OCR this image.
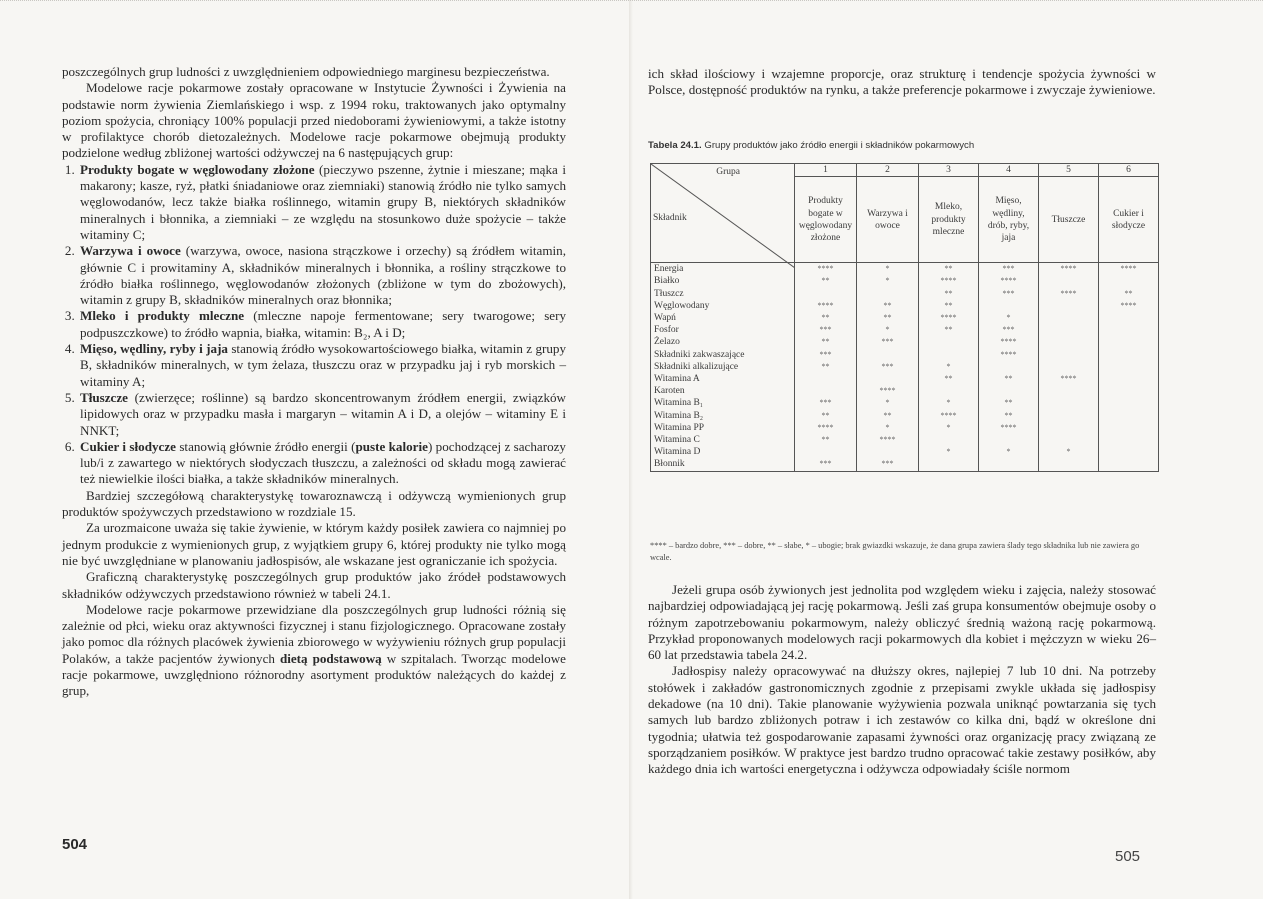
poszczególnych grup ludności z uwzględnieniem odpowiedniego marginesu bezpieczeństwa.

Modelowe racje pokarmowe zostały opracowane w Instytucie Żywności i Żywienia na podstawie norm żywienia Ziemlańskiego i wsp. z 1994 roku, traktowanych jako optymalny poziom spożycia, chroniący 100% populacji przed niedoborami żywieniowymi, a także istotny w profilaktyce chorób dietozależnych. Modelowe racje pokarmowe obejmują produkty podzielone według zbliżonej wartości odżywczej na 6 następujących grup:

1. Produkty bogate w węglowodany złożone (pieczywo pszenne, żytnie i mieszane; mąka i makarony; kasze, ryż, płatki śniadaniowe oraz ziemniaki) stanowią źródło nie tylko samych węglowodanów, lecz także białka roślinnego, witamin grupy B, niektórych składników mineralnych i błonnika, a ziemniaki – ze względu na stosunkowo duże spożycie – także witaminy C;
2. Warzywa i owoce (warzywa, owoce, nasiona strączkowe i orzechy) są źródłem witamin, głównie C i prowitaminy A, składników mineralnych i błonnika, a rośliny strączkowe to źródło białka roślinnego, węglowodanów złożonych (zbliżone w tym do zbożowych), witamin z grupy B, składników mineralnych oraz błonnika;
3. Mleko i produkty mleczne (mleczne napoje fermentowane; sery twarogowe; sery podpuszczkowe) to źródło wapnia, białka, witamin: B₂, A i D;
4. Mięso, wędliny, ryby i jaja stanowią źródło wysokowartościowego białka, witamin z grupy B, składników mineralnych, w tym żelaza, tłuszczu oraz w przypadku jaj i ryb morskich – witaminy A;
5. Tłuszcze (zwierzęce; roślinne) są bardzo skoncentrowanym źródłem energii, związków lipidowych oraz w przypadku masła i margaryn – witamin A i D, a olejów – witaminy E i NNKT;
6. Cukier i słodycze stanowią głównie źródło energii (puste kalorie) pochodzącej z sacharozy lub/i z zawartego w niektórych słodyczach tłuszczu, a zależności od składu mogą zawierać też niewielkie ilości białka, a także składników mineralnych.

Bardziej szczegółową charakterystykę towaroznawczą i odżywczą wymienionych grup produktów spożywczych przedstawiono w rozdziale 15.

Za urozmaicone uważa się takie żywienie, w którym każdy posiłek zawiera co najmniej po jednym produkcie z wymienionych grup, z wyjątkiem grupy 6, której produkty nie tylko mogą nie być uwzględniane w planowaniu jadłospisów, ale wskazane jest ograniczanie ich spożycia.

Graficzną charakterystykę poszczególnych grup produktów jako źródeł podstawowych składników odżywczych przedstawiono również w tabeli 24.1.

Modelowe racje pokarmowe przewidziane dla poszczególnych grup ludności różnią się zależnie od płci, wieku oraz aktywności fizycznej i stanu fizjologicznego. Opracowane zostały jako pomoc dla różnych placówek żywienia zbiorowego w wyżywieniu różnych grup populacji Polaków, a także pacjentów żywionych dietą podstawową w szpitalach. Tworząc modelowe racje pokarmowe, uwzględniono różnorodny asortyment produktów należących do każdej z grup,

504

ich skład ilościowy i wzajemne proporcje, oraz strukturę i tendencje spożycia żywności w Polsce, dostępność produktów na rynku, a także preferencje pokarmowe i zwyczaje żywieniowe.

Tabela 24.1. Grupy produktów jako źródło energii i składników pokarmowych
Grupa
Składnik	1	2	3	4	5	6
	Produkty bogate w węglowodany złożone	Warzywa i owoce	Mleko, produkty mleczne	Mięso, wędliny, drób, ryby, jaja	Tłuszcze	Cukier i słodycze
Energia	****	*	**	***	****	****
Białko	**	*	****	****		
Tłuszcz			**	***	****	**
Węglowodany	****	**	**			****
Wapń	**	**	****	*		
Fosfor	***	*	**	***		
Żelazo	**	***		****		
Składniki zakwaszające	***			****		
Składniki alkalizujące	**	***	*			
Witamina A			**	**	****	
Karoten		****				
Witamina B₁	***	*	*	**		
Witamina B₂	**	**	****	**		
Witamina PP	****	*	*	****		
Witamina C	**	****				
Witamina D			*	*	*	
Błonnik	***	***				
**** – bardzo dobre, *** – dobre, ** – słabe, * – ubogie; brak gwiazdki wskazuje, że dana grupa zawiera ślady tego składnika lub nie zawiera go wcale.

Jeżeli grupa osób żywionych jest jednolita pod względem wieku i zajęcia, należy stosować najbardziej odpowiadającą jej rację pokarmową. Jeśli zaś grupa konsumentów obejmuje osoby o różnym zapotrzebowaniu pokarmowym, należy obliczyć średnią ważoną rację pokarmową. Przykład proponowanych modelowych racji pokarmowych dla kobiet i mężczyzn w wieku 26–60 lat przedstawia tabela 24.2.

Jadłospisy należy opracowywać na dłuższy okres, najlepiej 7 lub 10 dni. Na potrzeby stołówek i zakładów gastronomicznych zgodnie z przepisami zwykle układa się jadłospisy dekadowe (na 10 dni). Takie planowanie wyżywienia pozwala uniknąć powtarzania się tych samych lub bardzo zbliżonych potraw i ich zestawów co kilka dni, bądź w określone dni tygodnia; ułatwia też gospodarowanie zapasami żywności oraz organizację pracy związaną ze sporządzaniem posiłków. W praktyce jest bardzo trudno opracować takie zestawy posiłków, aby każdego dnia ich wartości energetyczna i odżywcza odpowiadały ściśle normom

505
